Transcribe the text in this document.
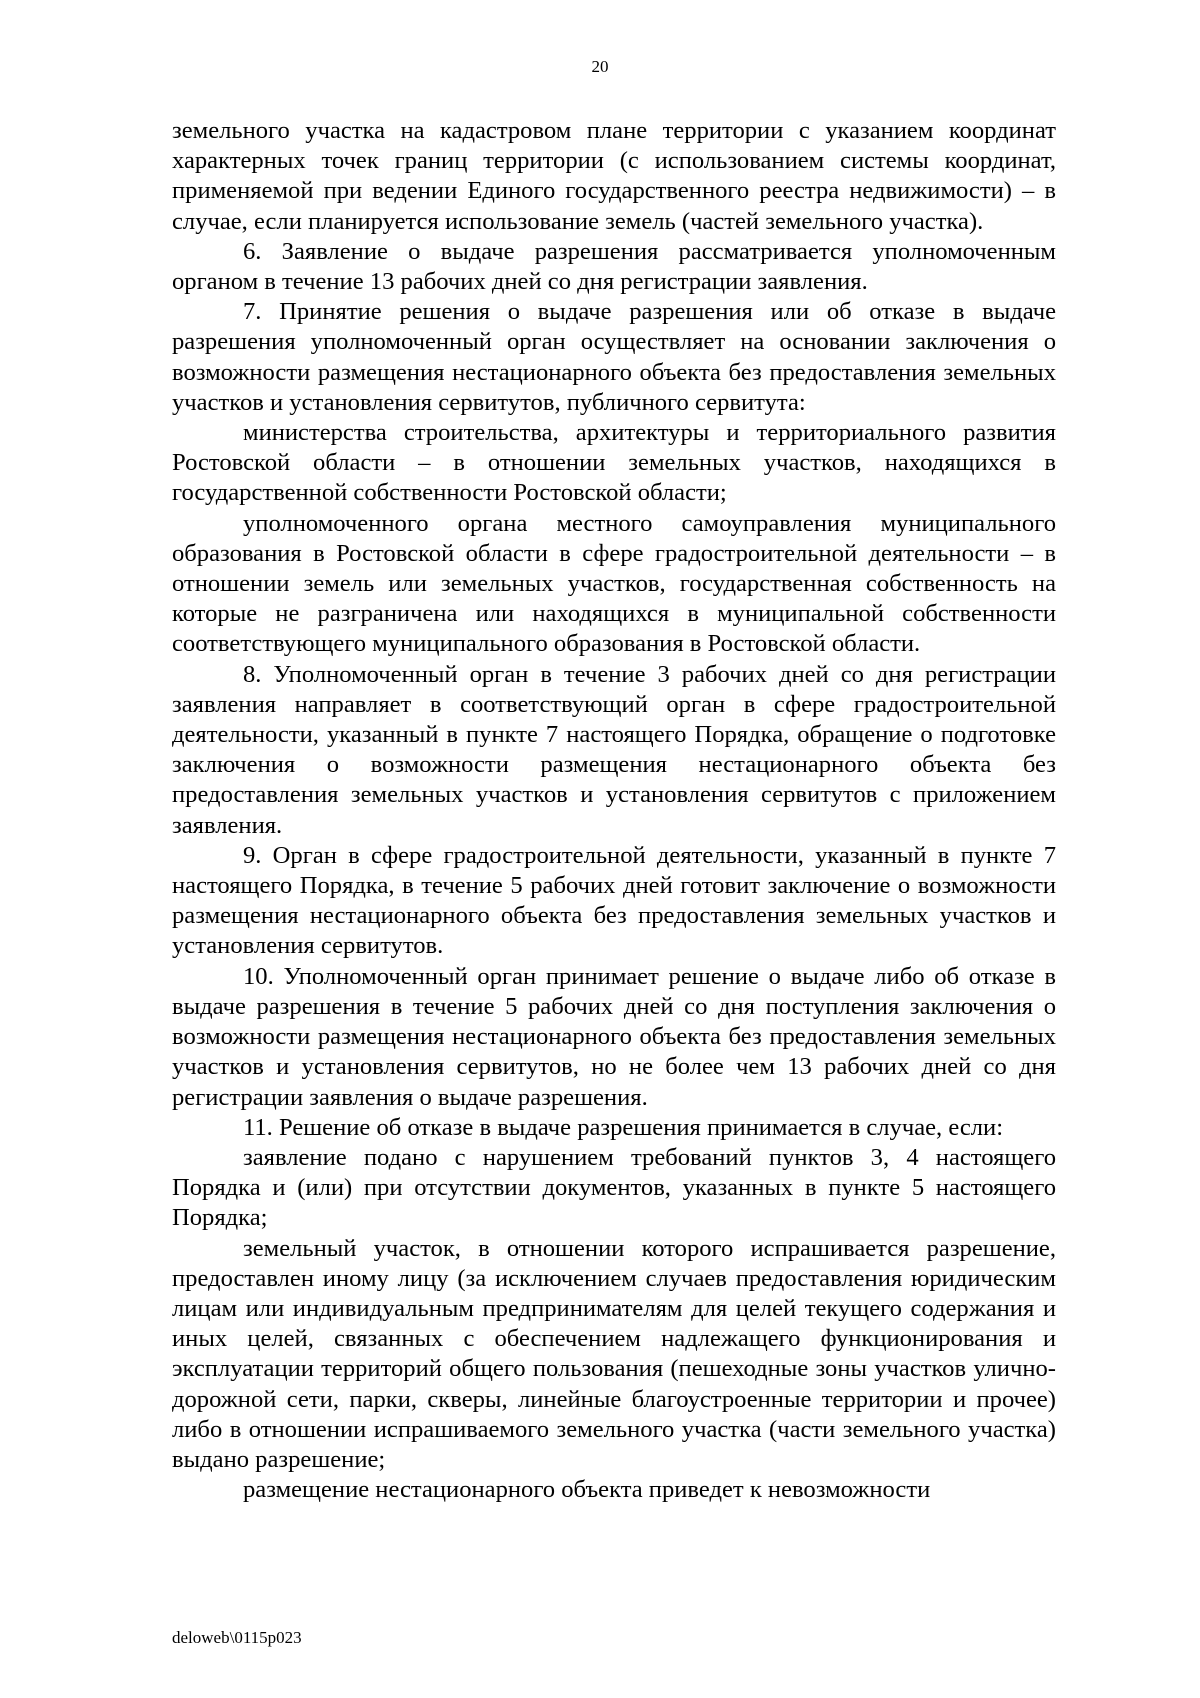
20

земельного участка на кадастровом плане территории с указанием координат характерных точек границ территории (с использованием системы координат, применяемой при ведении Единого государственного реестра недвижимости) – в случае, если планируется использование земель (частей земельного участка).

6. Заявление о выдаче разрешения рассматривается уполномоченным органом в течение 13 рабочих дней со дня регистрации заявления.

7. Принятие решения о выдаче разрешения или об отказе в выдаче разрешения уполномоченный орган осуществляет на основании заключения о возможности размещения нестационарного объекта без предоставления земельных участков и установления сервитутов, публичного сервитута:

министерства строительства, архитектуры и территориального развития Ростовской области – в отношении земельных участков, находящихся в государственной собственности Ростовской области;

уполномоченного органа местного самоуправления муниципального образования в Ростовской области в сфере градостроительной деятельности – в отношении земель или земельных участков, государственная собственность на которые не разграничена или находящихся в муниципальной собственности соответствующего муниципального образования в Ростовской области.

8. Уполномоченный орган в течение 3 рабочих дней со дня регистрации заявления направляет в соответствующий орган в сфере градостроительной деятельности, указанный в пункте 7 настоящего Порядка, обращение о подготовке заключения о возможности размещения нестационарного объекта без предоставления земельных участков и установления сервитутов с приложением заявления.

9. Орган в сфере градостроительной деятельности, указанный в пункте 7 настоящего Порядка, в течение 5 рабочих дней готовит заключение о возможности размещения нестационарного объекта без предоставления земельных участков и установления сервитутов.

10. Уполномоченный орган принимает решение о выдаче либо об отказе в выдаче разрешения в течение 5 рабочих дней со дня поступления заключения о возможности размещения нестационарного объекта без предоставления земельных участков и установления сервитутов, но не более чем 13 рабочих дней со дня регистрации заявления о выдаче разрешения.

11. Решение об отказе в выдаче разрешения принимается в случае, если:

заявление подано с нарушением требований пунктов 3, 4 настоящего Порядка и (или) при отсутствии документов, указанных в пункте 5 настоящего Порядка;

земельный участок, в отношении которого испрашивается разрешение, предоставлен иному лицу (за исключением случаев предоставления юридическим лицам или индивидуальным предпринимателям для целей текущего содержания и иных целей, связанных с обеспечением надлежащего функционирования и эксплуатации территорий общего пользования (пешеходные зоны участков улично-дорожной сети, парки, скверы, линейные благоустроенные территории и прочее) либо в отношении испрашиваемого земельного участка (части земельного участка) выдано разрешение;

размещение нестационарного объекта приведет к невозможности

deloweb\0115p023
